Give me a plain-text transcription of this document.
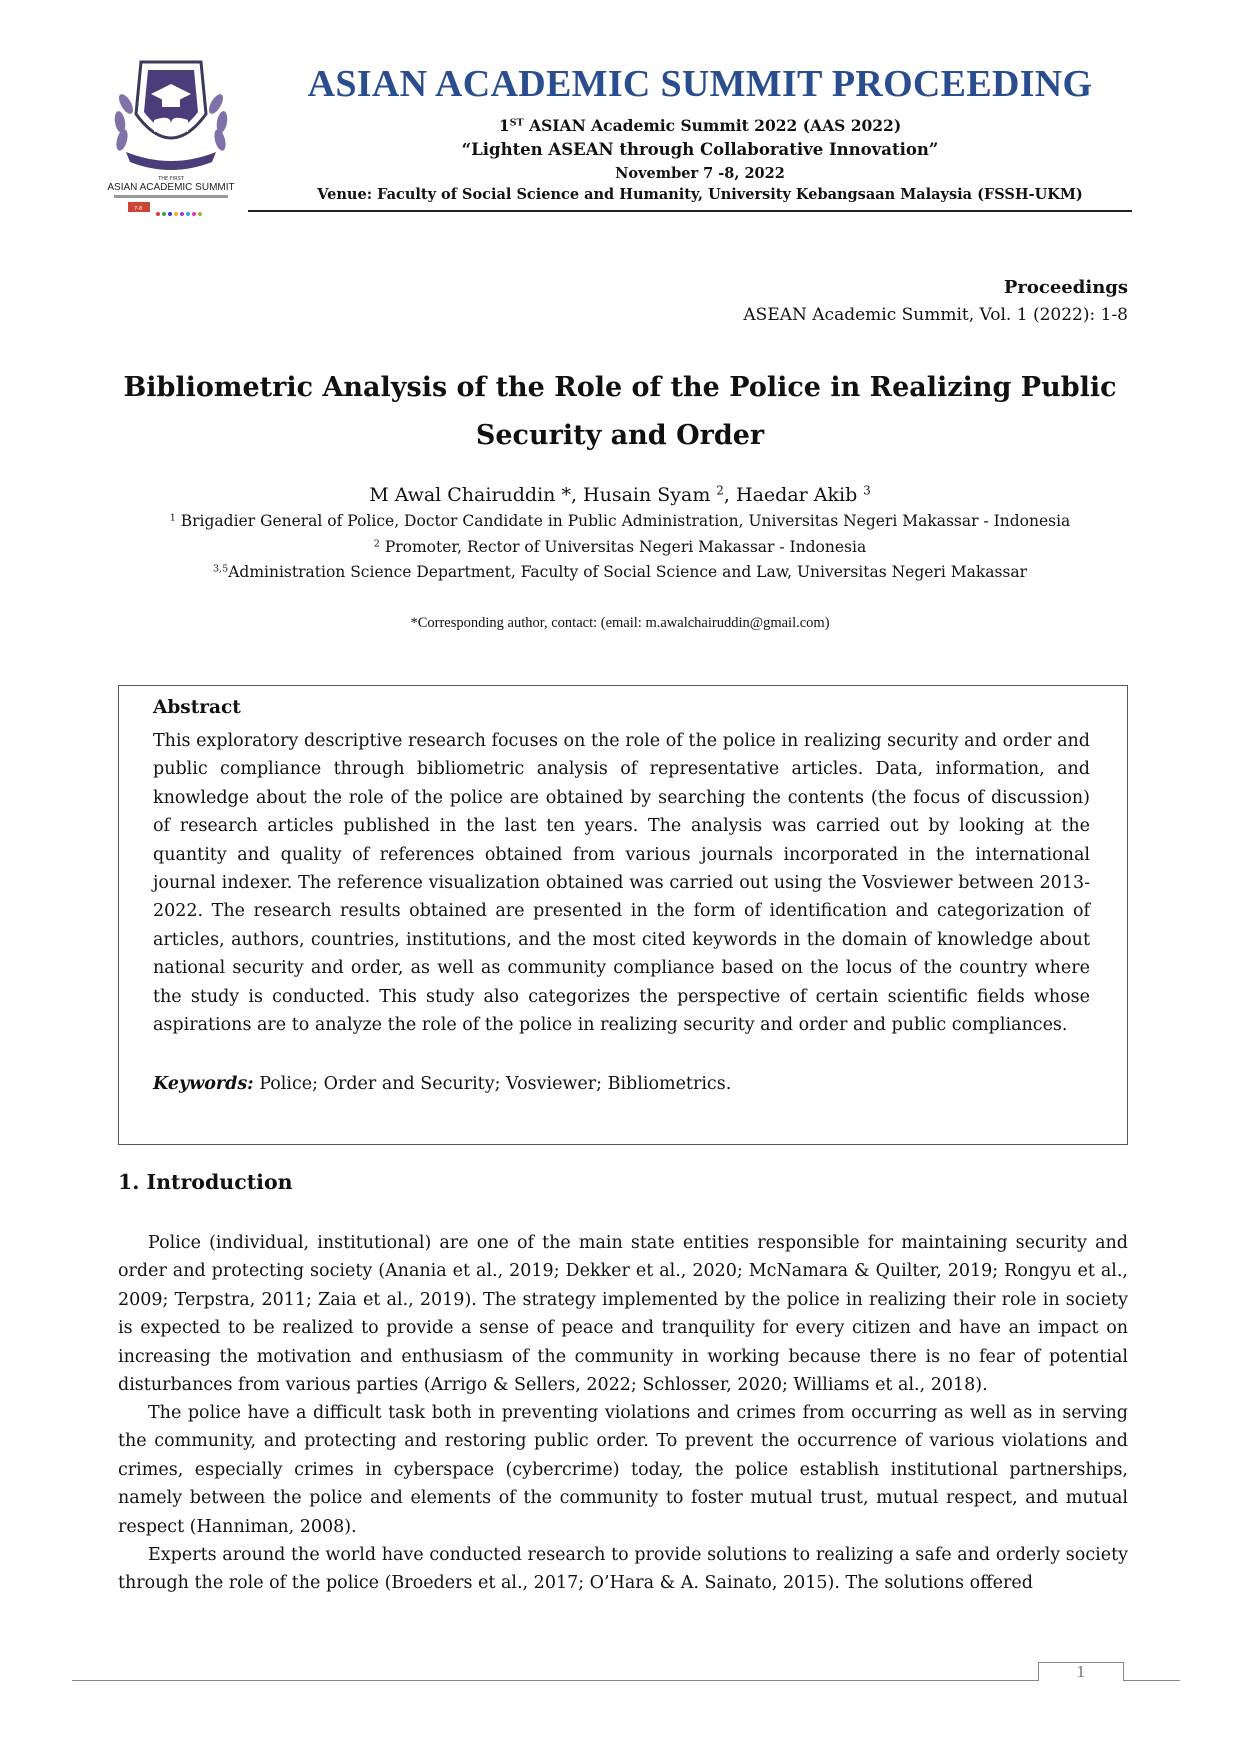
THE FIRST
ASIAN ACADEMIC SUMMIT
7-8
ASIAN ACADEMIC SUMMIT PROCEEDING
1ST ASIAN Academic Summit 2022 (AAS 2022)
“Lighten ASEAN through Collaborative Innovation”
November 7 -8, 2022
Venue: Faculty of Social Science and Humanity, University Kebangsaan Malaysia (FSSH-UKM)
Proceedings
ASEAN Academic Summit, Vol. 1 (2022): 1-8
Bibliometric Analysis of the Role of the Police in Realizing Public
Security and Order
M Awal Chairuddin *, Husain Syam $^2$, Haedar Akib $^3$
$^1$ Brigadier General of Police, Doctor Candidate in Public Administration, Universitas Negeri Makassar - Indonesia
$^2$ Promoter, Rector of Universitas Negeri Makassar - Indonesia
$^{3,5}$Administration Science Department, Faculty of Social Science and Law, Universitas Negeri Makassar
*Corresponding author, contact: (email: m.awalchairuddin@gmail.com)
Abstract
This exploratory descriptive research focuses on the role of the police in realizing security and order and public compliance through bibliometric analysis of representative articles. Data, information, and knowledge about the role of the police are obtained by searching the contents (the focus of discussion) of research articles published in the last ten years. The analysis was carried out by looking at the quantity and quality of references obtained from various journals incorporated in the international journal indexer. The reference visualization obtained was carried out using the Vosviewer between 2013-2022. The research results obtained are presented in the form of identification and categorization of articles, authors, countries, institutions, and the most cited keywords in the domain of knowledge about national security and order, as well as community compliance based on the locus of the country where the study is conducted. This study also categorizes the perspective of certain scientific fields whose aspirations are to analyze the role of the police in realizing security and order and public compliances.
Keywords: Police; Order and Security; Vosviewer; Bibliometrics.
1. Introduction
Police (individual, institutional) are one of the main state entities responsible for maintaining security and order and protecting society (Anania et al., 2019; Dekker et al., 2020; McNamara & Quilter, 2019; Rongyu et al., 2009; Terpstra, 2011; Zaia et al., 2019). The strategy implemented by the police in realizing their role in society is expected to be realized to provide a sense of peace and tranquility for every citizen and have an impact on increasing the motivation and enthusiasm of the community in working because there is no fear of potential disturbances from various parties (Arrigo & Sellers, 2022; Schlosser, 2020; Williams et al., 2018).
The police have a difficult task both in preventing violations and crimes from occurring as well as in serving the community, and protecting and restoring public order. To prevent the occurrence of various violations and crimes, especially crimes in cyberspace (cybercrime) today, the police establish institutional partnerships, namely between the police and elements of the community to foster mutual trust, mutual respect, and mutual respect (Hanniman, 2008).
Experts around the world have conducted research to provide solutions to realizing a safe and orderly society through the role of the police (Broeders et al., 2017; O’Hara & A. Sainato, 2015). The solutions offered
1
